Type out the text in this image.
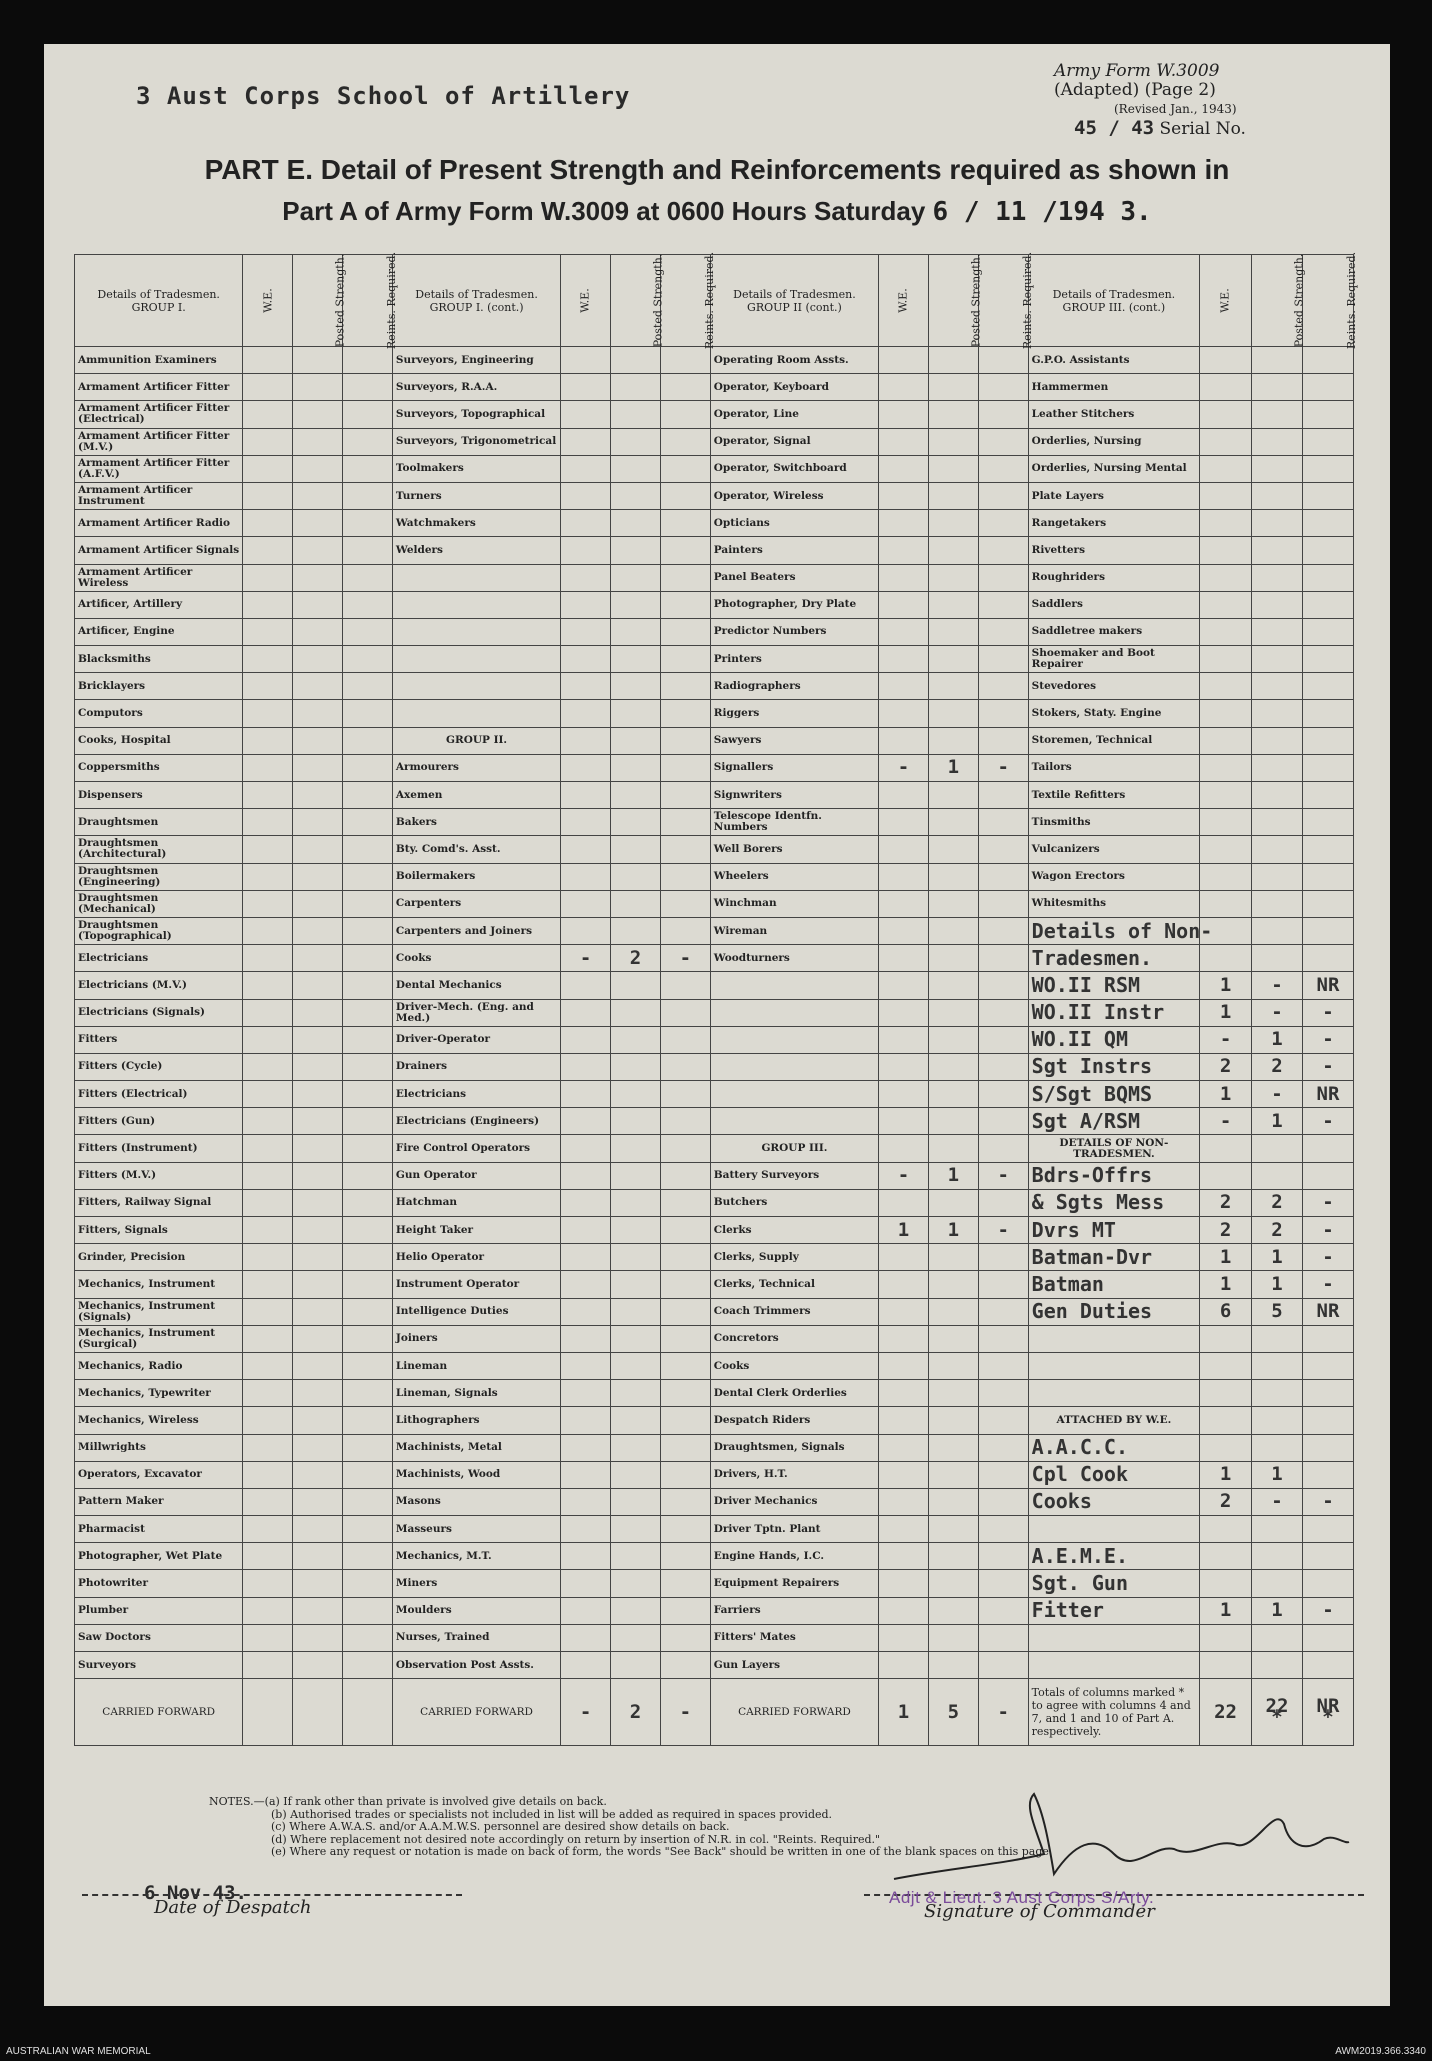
3 Aust Corps School of Artillery
Army Form W.3009
(Adapted) (Page 2)
(Revised Jan., 1943)
45 / 43 Serial No.
PART E. Detail of Present Strength and Reinforcements required as shown in
Part A of Army Form W.3009 at 0600 Hours Saturday 6 / 11 /194 3.
Details of Tradesmen. GROUP I.	W.E.	Posted Strength.	Reints. Required.	Details of Tradesmen. GROUP I. (cont.)	W.E.	Posted Strength.	Reints. Required.	Details of Tradesmen. GROUP II (cont.)	W.E.	Posted Strength.	Reints. Required.	Details of Tradesmen. GROUP III. (cont.)	W.E.	Posted Strength.	Reints. Required.
Ammunition Examiners				Surveyors, Engineering				Operating Room Assts.				G.P.O. Assistants			
Armament Artificer Fitter				Surveyors, R.A.A.				Operator, Keyboard				Hammermen			
Armament Artificer Fitter (Electrical)				Surveyors, Topographical				Operator, Line				Leather Stitchers			
Armament Artificer Fitter (M.V.)				Surveyors, Trigonometrical				Operator, Signal				Orderlies, Nursing			
Armament Artificer Fitter (A.F.V.)				Toolmakers				Operator, Switchboard				Orderlies, Nursing Mental			
Armament Artificer Instrument				Turners				Operator, Wireless				Plate Layers			
Armament Artificer Radio				Watchmakers				Opticians				Rangetakers			
Armament Artificer Signals				Welders				Painters				Rivetters			
Armament Artificer Wireless								Panel Beaters				Roughriders			
Artificer, Artillery								Photographer, Dry Plate				Saddlers			
Artificer, Engine								Predictor Numbers				Saddletree makers			
Blacksmiths								Printers				Shoemaker and Boot Repairer			
Bricklayers								Radiographers				Stevedores			
Computors								Riggers				Stokers, Staty. Engine			
Cooks, Hospital				GROUP II.				Sawyers				Storemen, Technical			
Coppersmiths				Armourers				Signallers	-	1	-	Tailors			
Dispensers				Axemen				Signwriters				Textile Refitters			
Draughtsmen				Bakers				Telescope Identfn. Numbers				Tinsmiths			
Draughtsmen (Architectural)				Bty. Comd's. Asst.				Well Borers				Vulcanizers			
Draughtsmen (Engineering)				Boilermakers				Wheelers				Wagon Erectors			
Draughtsmen (Mechanical)				Carpenters				Winchman				Whitesmiths			
Draughtsmen (Topographical)				Carpenters and Joiners				Wireman				Details of Non-			
Electricians				Cooks	-	2	-	Woodturners				Tradesmen.			
Electricians (M.V.)				Dental Mechanics								WO.II RSM	1	-	NR
Electricians (Signals)				Driver-Mech. (Eng. and Med.)								WO.II Instr	1	-	-
Fitters				Driver-Operator								WO.II QM	-	1	-
Fitters (Cycle)				Drainers								Sgt Instrs	2	2	-
Fitters (Electrical)				Electricians								S/Sgt BQMS	1	-	NR
Fitters (Gun)				Electricians (Engineers)								Sgt A/RSM	-	1	-
Fitters (Instrument)				Fire Control Operators				GROUP III.				DETAILS OF NON-TRADESMEN.			
Fitters (M.V.)				Gun Operator				Battery Surveyors	-	1	-	Bdrs-Offrs			
Fitters, Railway Signal				Hatchman				Butchers				& Sgts Mess	2	2	-
Fitters, Signals				Height Taker				Clerks	1	1	-	Dvrs MT	2	2	-
Grinder, Precision				Helio Operator				Clerks, Supply				Batman-Dvr	1	1	-
Mechanics, Instrument				Instrument Operator				Clerks, Technical				Batman	1	1	-
Mechanics, Instrument (Signals)				Intelligence Duties				Coach Trimmers				Gen Duties	6	5	NR
Mechanics, Instrument (Surgical)				Joiners				Concretors							
Mechanics, Radio				Lineman				Cooks							
Mechanics, Typewriter				Lineman, Signals				Dental Clerk Orderlies							
Mechanics, Wireless				Lithographers				Despatch Riders				ATTACHED BY W.E.			
Millwrights				Machinists, Metal				Draughtsmen, Signals				A.A.C.C.			
Operators, Excavator				Machinists, Wood				Drivers, H.T.				Cpl Cook	1	1	
Pattern Maker				Masons				Driver Mechanics				Cooks	2	-	-
Pharmacist				Masseurs				Driver Tptn. Plant							
Photographer, Wet Plate				Mechanics, M.T.				Engine Hands, I.C.				A.E.M.E.			
Photowriter				Miners				Equipment Repairers				Sgt. Gun			
Plumber				Moulders				Farriers				Fitter	1	1	-
Saw Doctors				Nurses, Trained				Fitters' Mates							
Surveyors				Observation Post Assts.				Gun Layers							
CARRIED FORWARD				CARRIED FORWARD	-	2	-	CARRIED FORWARD	1	5	-	Totals of columns marked * to agree with columns 4 and 7, and 1 and 10 of Part A. respectively.	22	22 *	NR *
NOTES.—(a) If rank other than private is involved give details on back.
(b) Authorised trades or specialists not included in list will be added as required in spaces provided.
(c) Where A.W.A.S. and/or A.A.M.W.S. personnel are desired show details on back.
(d) Where replacement not desired note accordingly on return by insertion of N.R. in col. "Reints. Required."
(e) Where any request or notation is made on back of form, the words "See Back" should be written in one of the blank spaces on this page.
6 Nov 43.
Date of Despatch	Adjt & Lieut. 3 Aust Corps S/Arty.
Signature of Commander
AUSTRALIAN WAR MEMORIAL	AWM2019.366.3340
